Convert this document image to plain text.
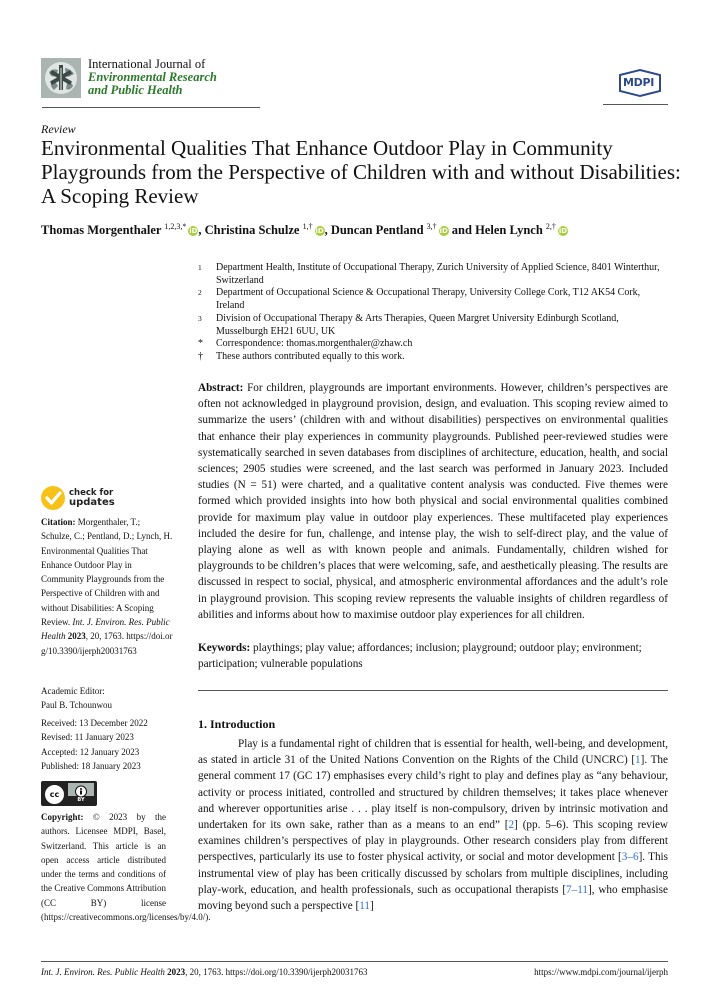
International Journal of
Environmental Research
and Public Health
MDPI
Review
Environmental Qualities That Enhance Outdoor Play in Community Playgrounds from the Perspective of Children with and without Disabilities: A Scoping Review
Thomas Morgenthaler $^{1,2,3,*}$iD, Christina Schulze $^{1,\dagger}$iD, Duncan Pentland $^{3,\dagger}$iD and Helen Lynch $^{2,\dagger}$iD
1	Department Health, Institute of Occupational Therapy, Zurich University of Applied Science, 8401 Winterthur, Switzerland
2	Department of Occupational Science & Occupational Therapy, University College Cork, T12 AK54 Cork, Ireland
3	Division of Occupational Therapy & Arts Therapies, Queen Margret University Edinburgh Scotland, Musselburgh EH21 6UU, UK
*	Correspondence: thomas.morgenthaler@zhaw.ch
†	These authors contributed equally to this work.
Abstract: For children, playgrounds are important environments. However, children’s perspectives are often not acknowledged in playground provision, design, and evaluation. This scoping review aimed to summarize the users’ (children with and without disabilities) perspectives on environmental qualities that enhance their play experiences in community playgrounds. Published peer-reviewed studies were systematically searched in seven databases from disciplines of architecture, education, health, and social sciences; 2905 studies were screened, and the last search was performed in January 2023. Included studies (N = 51) were charted, and a qualitative content analysis was conducted. Five themes were formed which provided insights into how both physical and social environmental qualities combined provide for maximum play value in outdoor play experiences. These multifaceted play experiences included the desire for fun, challenge, and intense play, the wish to self-direct play, and the value of playing alone as well as with known people and animals. Fundamentally, children wished for playgrounds to be children’s places that were welcoming, safe, and aesthetically pleasing. The results are discussed in respect to social, physical, and atmospheric environmental affordances and the adult’s role in playground provision. This scoping review represents the valuable insights of children regardless of abilities and informs about how to maximise outdoor play experiences for all children.
Keywords: playthings; play value; affordances; inclusion; playground; outdoor play; environment; participation; vulnerable populations
1. Introduction

Play is a fundamental right of children that is essential for health, well-being, and development, as stated in article 31 of the United Nations Convention on the Rights of the Child (UNCRC) [1]. The general comment 17 (GC 17) emphasises every child’s right to play and defines play as “any behaviour, activity or process initiated, controlled and structured by children themselves; it takes place whenever and wherever opportunities arise . . . play itself is non-compulsory, driven by intrinsic motivation and undertaken for its own sake, rather than as a means to an end” [2] (pp. 5–6). This scoping review examines children’s perspectives of play in playgrounds. Other research considers play from different perspectives, particularly its use to foster physical activity, or social and motor development [3–6]. This instrumental view of play has been critically discussed by scholars from multiple disciplines, including play-work, education, and health professionals, such as occupational therapists [7–11], who emphasise moving beyond such a perspective [11]

check for
updates
Citation: Morgenthaler, T.; Schulze, C.; Pentland, D.; Lynch, H. Environmental Qualities That Enhance Outdoor Play in Community Playgrounds from the Perspective of Children with and without Disabilities: A Scoping Review. Int. J. Environ. Res. Public Health 2023, 20, 1763. https://doi.org/10.3390/ijerph20031763
Academic Editor:
Paul B. Tchounwou
Received: 13 December 2022
Revised: 11 January 2023
Accepted: 12 January 2023
Published: 18 January 2023
cc
BY
Copyright: © 2023 by the authors. Licensee MDPI, Basel, Switzerland. This article is an open access article distributed under the terms and conditions of the Creative Commons Attribution (CC BY) license (https://creativecommons.org/licenses/by/4.0/).
Int. J. Environ. Res. Public Health 2023, 20, 1763. https://doi.org/10.3390/ijerph20031763	https://www.mdpi.com/journal/ijerph
